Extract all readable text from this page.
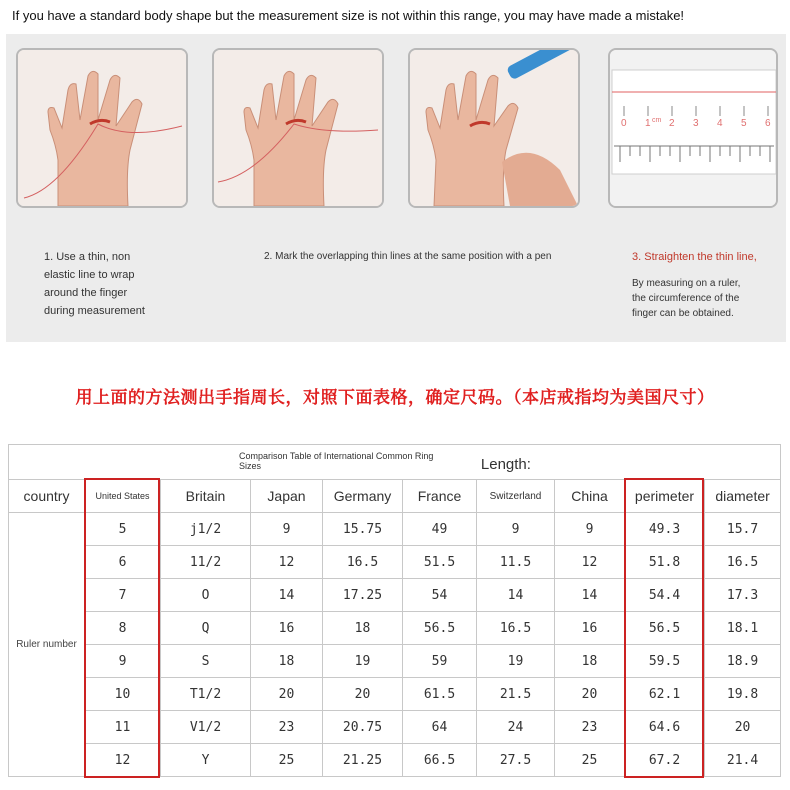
If you have a standard body shape but the measurement size is not within this range, you may have made a mistake!
0 1 cm 2 3 4 5 6
1. Use a thin, non
elastic line to wrap
around the finger
during measurement
2. Mark the overlapping thin lines at the same position with a pen	3. Straighten the thin line,
By measuring on a ruler,
the circumference of the
finger can be obtained.
用上面的方法测出手指周长，对照下面表格，确定尺码。（本店戒指均为美国尺寸）
Comparison Table of International Common Ring Sizes Length:									
country	United States	Britain	Japan	Germany	France	Switzerland	China	perimeter	diameter
Ruler number	5	j1/2	9	15.75	49	9	9	49.3	15.7
	6	11/2	12	16.5	51.5	11.5	12	51.8	16.5
	7	O	14	17.25	54	14	14	54.4	17.3
	8	Q	16	18	56.5	16.5	16	56.5	18.1
	9	S	18	19	59	19	18	59.5	18.9
	10	T1/2	20	20	61.5	21.5	20	62.1	19.8
	11	V1/2	23	20.75	64	24	23	64.6	20
	12	Y	25	21.25	66.5	27.5	25	67.2	21.4
